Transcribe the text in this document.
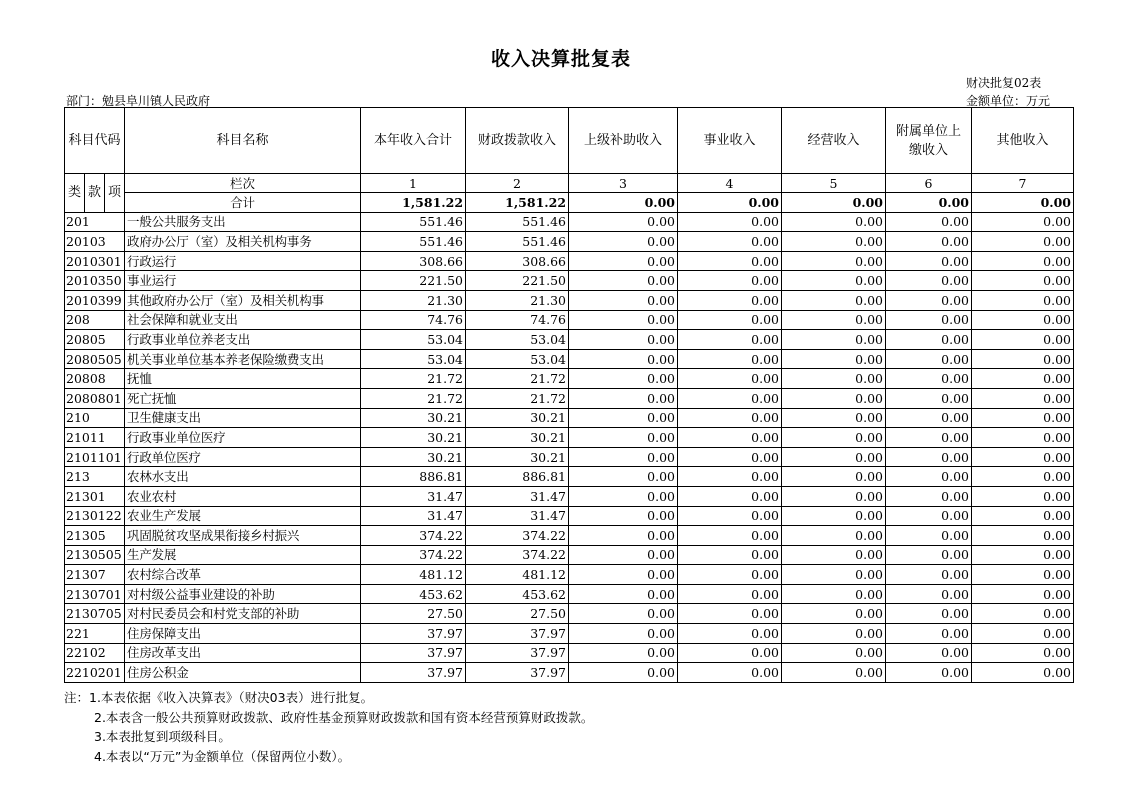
收入决算批复表
财决批复02表
部门：勉县阜川镇人民政府	金额单位：万元
科目代码			科目名称	本年收入合计	财政拨款收入	上级补助收入	事业收入	经营收入	附属单位上缴收入	其他收入
类	款	项	栏次	1	2	3	4	5	6	7
			合计	1,581.22	1,581.22	0.00	0.00	0.00	0.00	0.00
201			一般公共服务支出	551.46	551.46	0.00	0.00	0.00	0.00	0.00
20103			政府办公厅（室）及相关机构事务	551.46	551.46	0.00	0.00	0.00	0.00	0.00
2010301			行政运行	308.66	308.66	0.00	0.00	0.00	0.00	0.00
2010350			事业运行	221.50	221.50	0.00	0.00	0.00	0.00	0.00
2010399			其他政府办公厅（室）及相关机构事	21.30	21.30	0.00	0.00	0.00	0.00	0.00
208			社会保障和就业支出	74.76	74.76	0.00	0.00	0.00	0.00	0.00
20805			行政事业单位养老支出	53.04	53.04	0.00	0.00	0.00	0.00	0.00
2080505			机关事业单位基本养老保险缴费支出	53.04	53.04	0.00	0.00	0.00	0.00	0.00
20808			抚恤	21.72	21.72	0.00	0.00	0.00	0.00	0.00
2080801			死亡抚恤	21.72	21.72	0.00	0.00	0.00	0.00	0.00
210			卫生健康支出	30.21	30.21	0.00	0.00	0.00	0.00	0.00
21011			行政事业单位医疗	30.21	30.21	0.00	0.00	0.00	0.00	0.00
2101101			行政单位医疗	30.21	30.21	0.00	0.00	0.00	0.00	0.00
213			农林水支出	886.81	886.81	0.00	0.00	0.00	0.00	0.00
21301			农业农村	31.47	31.47	0.00	0.00	0.00	0.00	0.00
2130122			农业生产发展	31.47	31.47	0.00	0.00	0.00	0.00	0.00
21305			巩固脱贫攻坚成果衔接乡村振兴	374.22	374.22	0.00	0.00	0.00	0.00	0.00
2130505			生产发展	374.22	374.22	0.00	0.00	0.00	0.00	0.00
21307			农村综合改革	481.12	481.12	0.00	0.00	0.00	0.00	0.00
2130701			对村级公益事业建设的补助	453.62	453.62	0.00	0.00	0.00	0.00	0.00
2130705			对村民委员会和村党支部的补助	27.50	27.50	0.00	0.00	0.00	0.00	0.00
221			住房保障支出	37.97	37.97	0.00	0.00	0.00	0.00	0.00
22102			住房改革支出	37.97	37.97	0.00	0.00	0.00	0.00	0.00
2210201			住房公积金	37.97	37.97	0.00	0.00	0.00	0.00	0.00
注：1.本表依据《收入决算表》（财决03表）进行批复。
2.本表含一般公共预算财政拨款、政府性基金预算财政拨款和国有资本经营预算财政拨款。
3.本表批复到项级科目。
4.本表以“万元”为金额单位（保留两位小数）。
